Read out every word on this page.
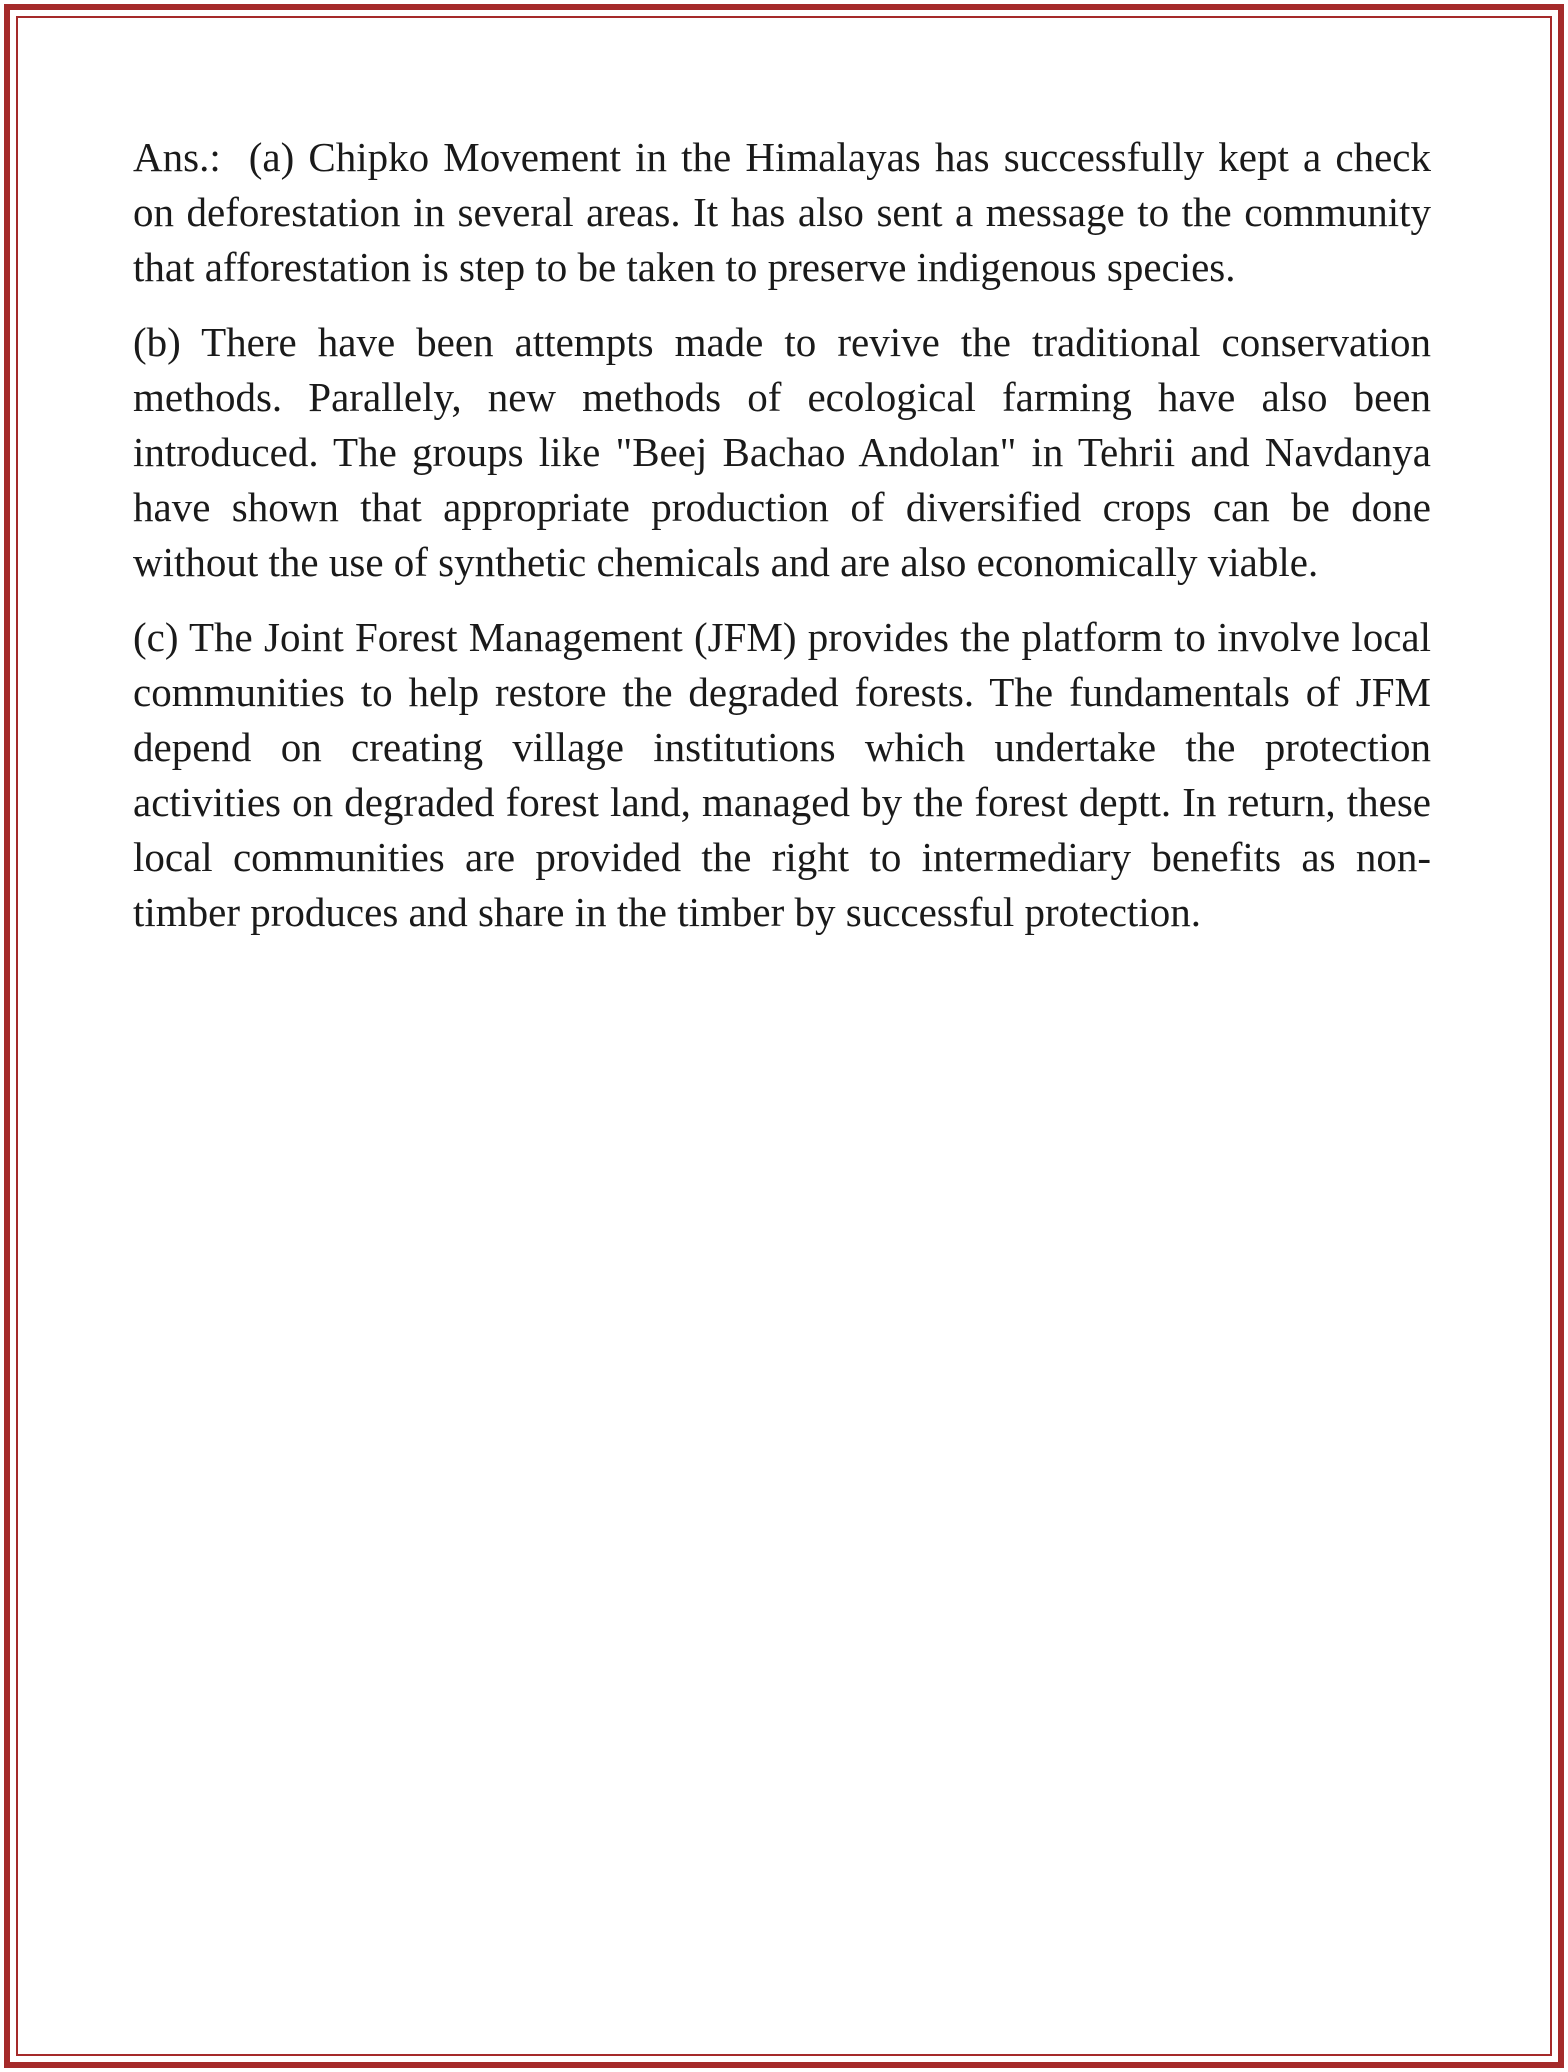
Ans.: (a) Chipko Movement in the Himalayas has successfully kept a check on deforestation in several areas. It has also sent a message to the community that afforestation is step to be taken to preserve indigenous species.

(b) There have been attempts made to revive the traditional conservation methods. Parallely, new methods of ecological farming have also been introduced. The groups like "Beej Bachao Andolan" in Tehrii and Navdanya have shown that appropriate production of diversified crops can be done without the use of synthetic chemicals and are also economically viable.

(c) The Joint Forest Management (JFM) provides the platform to involve local communities to help restore the degraded forests. The fundamentals of JFM depend on creating village institutions which undertake the protection activities on degraded forest land, managed by the forest deptt. In return, these local communities are provided the right to intermediary benefits as non-timber produces and share in the timber by successful protection.
